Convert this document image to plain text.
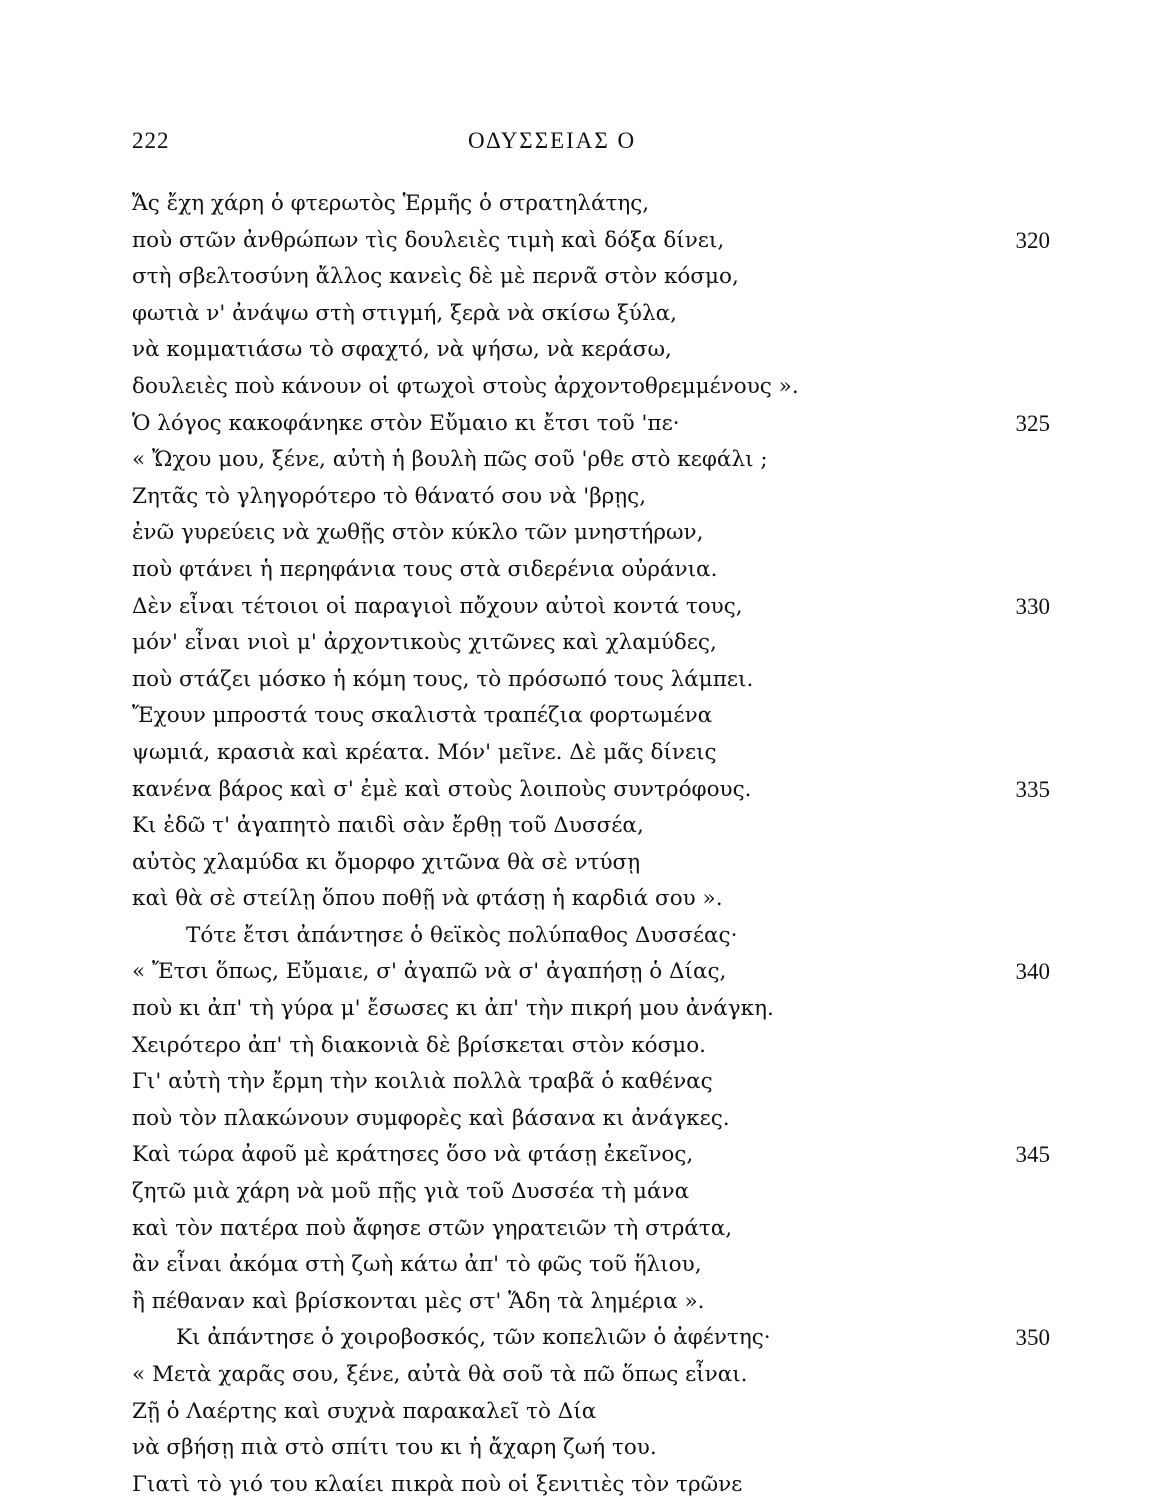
222	ΟΔΥΣΣΕΙΑΣ Ο
Ἄς ἔχη χάρη ὁ φτερωτὸς Ἑρμῆς ὁ στρατηλάτης,
ποὺ στῶν ἀνθρώπων τὶς δουλειὲς τιμὴ καὶ δόξα δίνει,	320
στὴ σβελτοσύνη ἄλλος κανεὶς δὲ μὲ περνᾶ στὸν κόσμο,
φωτιὰ ν' ἀνάψω στὴ στιγμή, ξερὰ νὰ σκίσω ξύλα,
νὰ κομματιάσω τὸ σφαχτό, νὰ ψήσω, νὰ κεράσω,
δουλειὲς ποὺ κάνουν οἱ φτωχοὶ στοὺς ἀρχοντοθρεμμένους ».
Ὁ λόγος κακοφάνηκε στὸν Εὔμαιο κι ἔτσι τοῦ 'πε·	325
« Ὤχου μου, ξένε, αὐτὴ ἡ βουλὴ πῶς σοῦ 'ρθε στὸ κεφάλι ;
Ζητᾶς τὸ γληγορότερο τὸ θάνατό σου νὰ 'βρῃς,
ἐνῶ γυρεύεις νὰ χωθῇς στὸν κύκλο τῶν μνηστήρων,
ποὺ φτάνει ἡ περηφάνια τους στὰ σιδερένια οὐράνια.
Δὲν εἶναι τέτοιοι οἱ παραγιοὶ πὄχουν αὐτοὶ κοντά τους,	330
μόν' εἶναι νιοὶ μ' ἀρχοντικοὺς χιτῶνες καὶ χλαμύδες,
ποὺ στάζει μόσκο ἡ κόμη τους, τὸ πρόσωπό τους λάμπει.
Ἔχουν μπροστά τους σκαλιστὰ τραπέζια φορτωμένα
ψωμιά, κρασιὰ καὶ κρέατα. Μόν' μεῖνε. Δὲ μᾶς δίνεις
κανένα βάρος καὶ σ' ἐμὲ καὶ στοὺς λοιποὺς συντρόφους.	335
Κι ἐδῶ τ' ἀγαπητὸ παιδὶ σὰν ἔρθῃ τοῦ Δυσσέα,
αὐτὸς χλαμύδα κι ὄμορφο χιτῶνα θὰ σὲ ντύσῃ
καὶ θὰ σὲ στείλῃ ὅπου ποθῇ νὰ φτάσῃ ἡ καρδιά σου ».
Τότε ἔτσι ἀπάντησε ὁ θεϊκὸς πολύπαθος Δυσσέας·
« Ἔτσι ὅπως, Εὔμαιε, σ' ἀγαπῶ νὰ σ' ἀγαπήσῃ ὁ Δίας,	340
ποὺ κι ἀπ' τὴ γύρα μ' ἔσωσες κι ἀπ' τὴν πικρή μου ἀνάγκη.
Χειρότερο ἀπ' τὴ διακονιὰ δὲ βρίσκεται στὸν κόσμο.
Γι' αὐτὴ τὴν ἔρμη τὴν κοιλιὰ πολλὰ τραβᾶ ὁ καθένας
ποὺ τὸν πλακώνουν συμφορὲς καὶ βάσανα κι ἀνάγκες.
Καὶ τώρα ἀφοῦ μὲ κράτησες ὅσο νὰ φτάσῃ ἐκεῖνος,	345
ζητῶ μιὰ χάρη νὰ μοῦ πῇς γιὰ τοῦ Δυσσέα τὴ μάνα
καὶ τὸν πατέρα ποὺ ἄφησε στῶν γηρατειῶν τὴ στράτα,
ἂν εἶναι ἀκόμα στὴ ζωὴ κάτω ἀπ' τὸ φῶς τοῦ ἥλιου,
ἢ πέθαναν καὶ βρίσκονται μὲς στ' Ἅδη τὰ λημέρια ».
Κι ἀπάντησε ὁ χοιροβοσκός, τῶν κοπελιῶν ὁ ἀφέντης·	350
« Μετὰ χαρᾶς σου, ξένε, αὐτὰ θὰ σοῦ τὰ πῶ ὅπως εἶναι.
Ζῇ ὁ Λαέρτης καὶ συχνὰ παρακαλεῖ τὸ Δία
νὰ σβήσῃ πιὰ στὸ σπίτι του κι ἡ ἄχαρη ζωή του.
Γιατὶ τὸ γιό του κλαίει πικρὰ ποὺ οἱ ξενιτιὲς τὸν τρῶνε
